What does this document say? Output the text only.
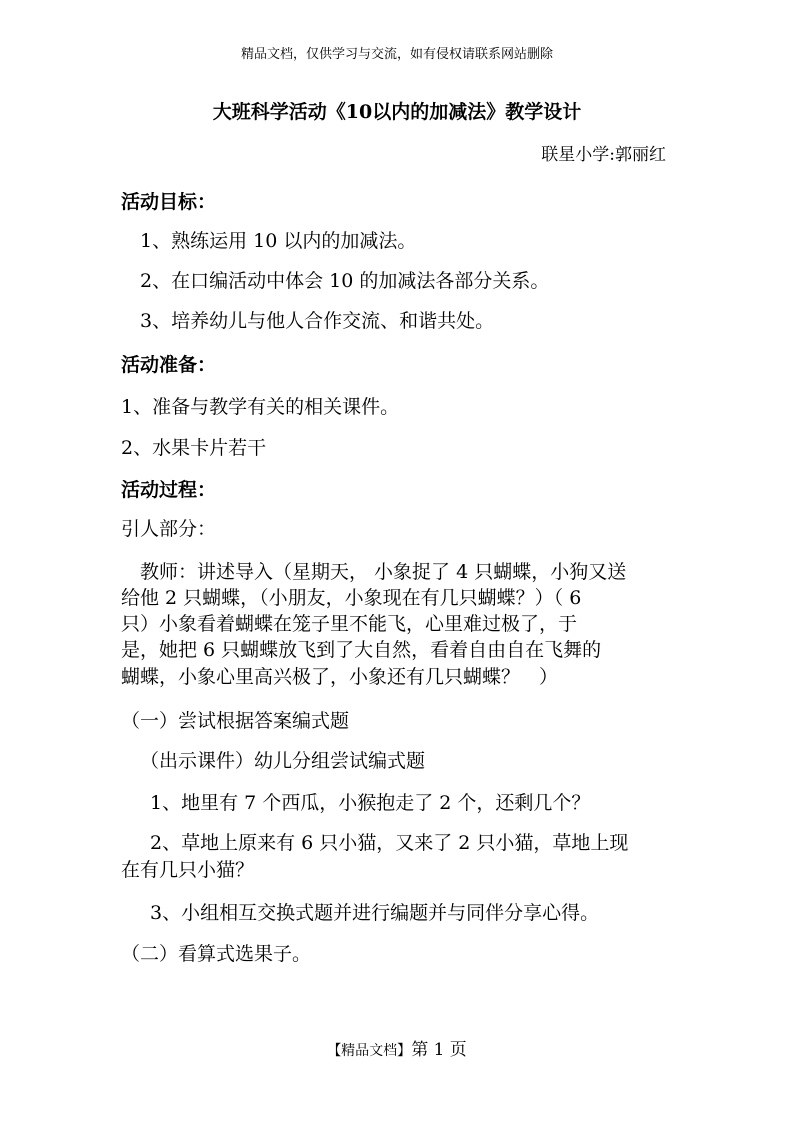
精品文档，仅供学习与交流，如有侵权请联系网站删除
大班科学活动《10以内的加减法》教学设计
联星小学:郭丽红
活动目标：
1、熟练运用 10 以内的加减法。
2、在口编活动中体会 10 的加减法各部分关系。
3、培养幼儿与他人合作交流、和谐共处。
活动准备：
1、准备与教学有关的相关课件。
2、水果卡片若干
活动过程：
引人部分：
教师：讲述导入（星期天， 小象捉了 4 只蝴蝶，小狗又送
给他 2 只蝴蝶，（小朋友，小象现在有几只蝴蝶？）（ 6
只）小象看着蝴蝶在笼子里不能飞，心里难过极了，于
是，她把 6 只蝴蝶放飞到了大自然，看着自由自在飞舞的
蝴蝶，小象心里高兴极了，小象还有几只蝴蝶？　）
（一）尝试根据答案编式题
（出示课件）幼儿分组尝试编式题
1、地里有 7 个西瓜，小猴抱走了 2 个，还剩几个？
2、草地上原来有 6 只小猫，又来了 2 只小猫，草地上现
在有几只小猫？
3、小组相互交换式题并进行编题并与同伴分享心得。
（二）看算式选果子。
【精品文档】第 1 页
